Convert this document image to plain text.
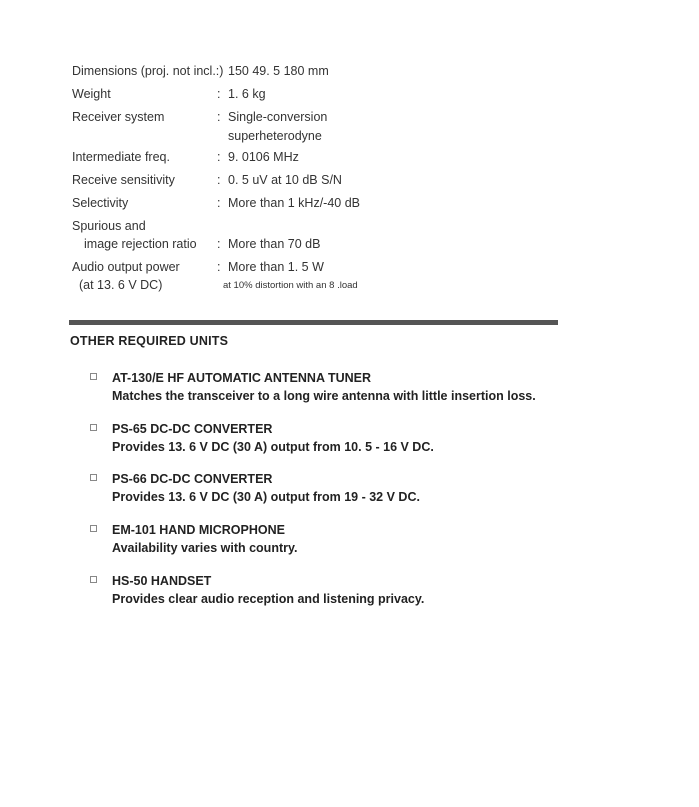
Dimensions (proj. not incl.:) 150 49. 5 180 mm
Weight	: 1. 6 kg
Receiver system	: Single-conversion
superheterodyne
Intermediate freq.	: 9. 0106 MHz
Receive sensitivity	: 0. 5 uV at 10 dB S/N
Selectivity	: More than 1 kHz/-40 dB
Spurious and
image rejection ratio : More than 70 dB
Audio output power
(at 13. 6 V DC)
: More than 1. 5 W
at 10% distortion with an 8 .load
OTHER REQUIRED UNITS
AT-130/E HF AUTOMATIC ANTENNA TUNER
Matches the transceiver to a long wire antenna with little insertion loss.
PS-65 DC-DC CONVERTER
Provides 13. 6 V DC (30 A) output from 10. 5 - 16 V DC.
PS-66 DC-DC CONVERTER
Provides 13. 6 V DC (30 A) output from 19 - 32 V DC.
EM-101 HAND MICROPHONE
Availability varies with country.
HS-50 HANDSET
Provides clear audio reception and listening privacy.
